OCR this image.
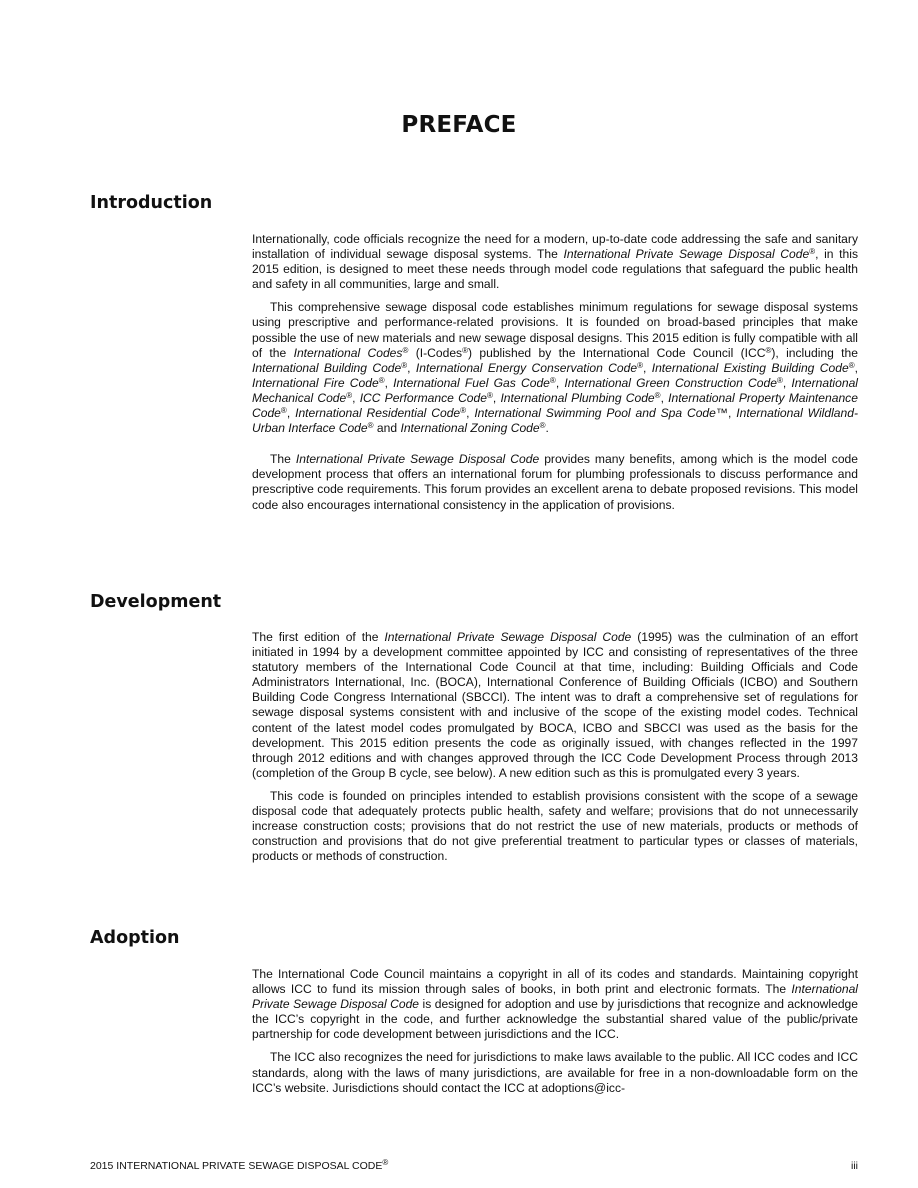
PREFACE
Introduction

Internationally, code officials recognize the need for a modern, up-to-date code addressing the safe and sanitary installation of individual sewage disposal systems. The International Private Sewage Disposal Code®, in this 2015 edition, is designed to meet these needs through model code regulations that safeguard the public health and safety in all communities, large and small.

This comprehensive sewage disposal code establishes minimum regulations for sewage disposal systems using prescriptive and performance-related provisions. It is founded on broad-based principles that make possible the use of new materials and new sewage disposal designs. This 2015 edition is fully compatible with all of the International Codes® (I-Codes®) published by the International Code Council (ICC®), including the International Building Code®, International Energy Conservation Code®, International Existing Building Code®, International Fire Code®, International Fuel Gas Code®, International Green Construction Code®, International Mechanical Code®, ICC Performance Code®, International Plumbing Code®, International Property Maintenance Code®, International Residential Code®, International Swimming Pool and Spa Code™, International Wildland-Urban Interface Code® and International Zoning Code®.

The International Private Sewage Disposal Code provides many benefits, among which is the model code development process that offers an international forum for plumbing professionals to discuss performance and prescriptive code requirements. This forum provides an excellent arena to debate proposed revisions. This model code also encourages international consistency in the application of provisions.

Development

The first edition of the International Private Sewage Disposal Code (1995) was the culmination of an effort initiated in 1994 by a development committee appointed by ICC and consisting of representatives of the three statutory members of the International Code Council at that time, including: Building Officials and Code Administrators International, Inc. (BOCA), International Conference of Building Officials (ICBO) and Southern Building Code Congress International (SBCCI). The intent was to draft a comprehensive set of regulations for sewage disposal systems consistent with and inclusive of the scope of the existing model codes. Technical content of the latest model codes promulgated by BOCA, ICBO and SBCCI was used as the basis for the development. This 2015 edition presents the code as originally issued, with changes reflected in the 1997 through 2012 editions and with changes approved through the ICC Code Development Process through 2013 (completion of the Group B cycle, see below). A new edition such as this is promulgated every 3 years.

This code is founded on principles intended to establish provisions consistent with the scope of a sewage disposal code that adequately protects public health, safety and welfare; provisions that do not unnecessarily increase construction costs; provisions that do not restrict the use of new materials, products or methods of construction and provisions that do not give preferential treatment to particular types or classes of materials, products or methods of construction.

Adoption

The International Code Council maintains a copyright in all of its codes and standards. Maintaining copyright allows ICC to fund its mission through sales of books, in both print and electronic formats. The International Private Sewage Disposal Code is designed for adoption and use by jurisdictions that recognize and acknowledge the ICC’s copyright in the code, and further acknowledge the substantial shared value of the public/private partnership for code development between jurisdictions and the ICC.

The ICC also recognizes the need for jurisdictions to make laws available to the public. All ICC codes and ICC standards, along with the laws of many jurisdictions, are available for free in a non-downloadable form on the ICC’s website. Jurisdictions should contact the ICC at adoptions@icc-

2015 INTERNATIONAL PRIVATE SEWAGE DISPOSAL CODE®	iii
